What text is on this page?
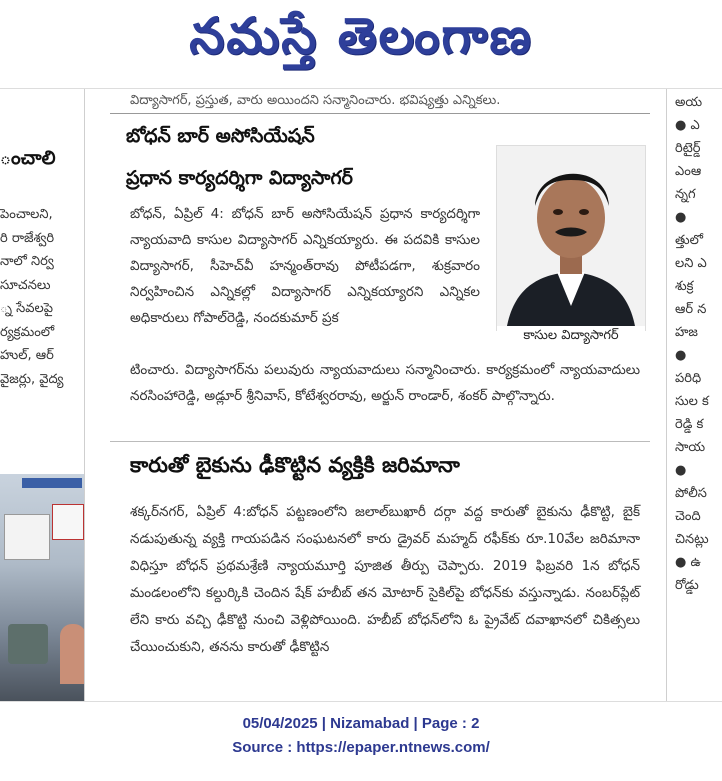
నమస్తే తెలంగాణ
ంచాలి
పెంచాలని,
రి రాజేశ్వరి
నాలో నిర్వ
సూచనలు
్న సేవలపై
ర్యక్రమంలో
హుల్, ఆర్
వైజర్లు, వైద్య
విద్యాసాగర్, ప్రస్తుత, వారు అయిందని సన్మానించారు. భవిష్యత్తు ఎన్నికలు.
బోధన్ బార్ అసోసియేషన్
ప్రధాన కార్యదర్శిగా విద్యాసాగర్

బోధన్, ఏప్రిల్ 4: బోధన్ బార్ అసోసియేషన్ ప్రధాన కార్యదర్శిగా న్యాయవాది కాసుల విద్యాసాగర్ ఎన్నికయ్యారు. ఈ పదవికి కాసుల విద్యాసాగర్, సీహెచ్‌వీ హన్మంత్‌రావు పోటీపడగా, శుక్రవారం నిర్వహించిన ఎన్నికల్లో విద్యాసాగర్ ఎన్నికయ్యారని ఎన్నికల అధికారులు గోపాల్‌రెడ్డి, నందకుమార్ ప్రక

కాసుల విద్యాసాగర్
టించారు. విద్యాసాగర్‌ను పలువురు న్యాయవాదులు సన్మానించారు. కార్యక్రమంలో న్యాయవాదులు నరసింహారెడ్డి, అడ్లూర్ శ్రీనివాస్, కోటేశ్వరరావు, అర్జున్ రాండార్, శంకర్ పాల్గొన్నారు.
కారుతో బైకును ఢీకొట్టిన వ్యక్తికి జరిమానా
శక్కర్‌నగర్, ఏప్రిల్ 4:బోధన్ పట్టణంలోని జలాల్‌బుఖారీ దర్గా వద్ద కారుతో బైకును ఢీకొట్టి, బైక్ నడుపుతున్న వ్యక్తి గాయపడిన సంఘటనలో కారు డ్రైవర్ మహ్మద్ రఫీక్‌కు రూ.10వేల జరిమానా విధిస్తూ బోధన్ ప్రథమశ్రేణి న్యాయమూర్తి పూజిత తీర్పు చెప్పారు. 2019 ఫిబ్రవరి 1న బోధన్ మండలంలోని కల్దుర్కికి చెందిన షేక్ హబీబ్ తన మోటార్ సైకిల్‌పై బోధన్‌కు వస్తున్నాడు. నంబర్‌ప్లేట్ లేని కారు వచ్చి ఢీకొట్టి నుంచి వెళ్లిపోయింది. హబీబ్ బోధన్‌లోని ఓ ప్రైవేట్ దవాఖానలో చికిత్సలు చేయించుకుని, తనను కారుతో ఢీకొట్టిన
అయ
● ఎ
రిటైర్డ్
ఎంఆ
న్నగ
●
త్తులో
లని ఎ
శుక్ర
ఆర్ న
హజ
●
పరిధి
సుల క
రెడ్డి క
సాయ
●
పోలీస
చెంది
చినట్లు
● ఉ
రోడ్డు
05/04/2025 | Nizamabad | Page : 2
Source : https://epaper.ntnews.com/
